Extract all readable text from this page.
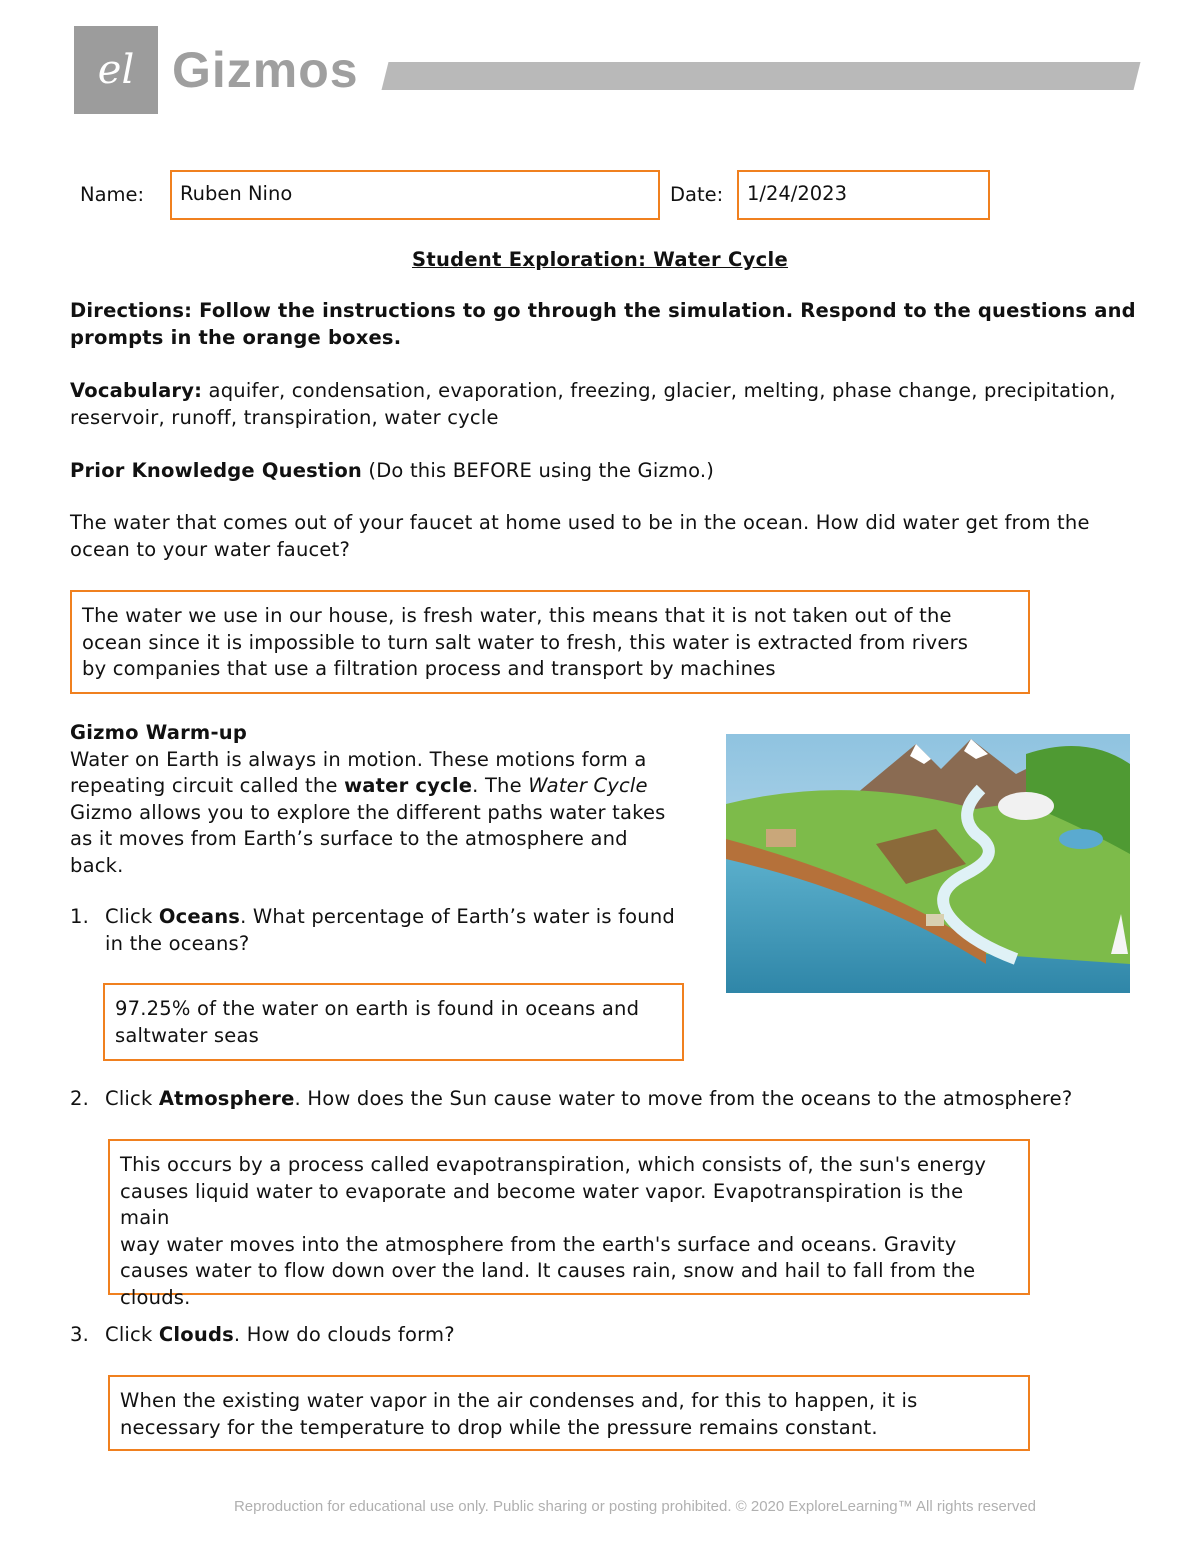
el Gizmos
Name:	Ruben Nino	Date:	1/24/2023
Student Exploration: Water Cycle
Directions: Follow the instructions to go through the simulation. Respond to the questions and
prompts in the orange boxes.
Vocabulary: aquifer, condensation, evaporation, freezing, glacier, melting, phase change, precipitation,
reservoir, runoff, transpiration, water cycle
Prior Knowledge Question (Do this BEFORE using the Gizmo.)
The water that comes out of your faucet at home used to be in the ocean. How did water get from the
ocean to your water faucet?
The water we use in our house, is fresh water, this means that it is not taken out of the
ocean since it is impossible to turn salt water to fresh, this water is extracted from rivers
by companies that use a filtration process and transport by machines
Gizmo Warm-up
Water on Earth is always in motion. These motions form a
repeating circuit called the water cycle. The Water Cycle
Gizmo allows you to explore the different paths water takes
as it moves from Earth’s surface to the atmosphere and
back.
1. Click Oceans. What percentage of Earth’s water is found
in the oceans?
97.25% of the water on earth is found in oceans and
saltwater seas
2. Click Atmosphere. How does the Sun cause water to move from the oceans to the atmosphere?
This occurs by a process called evapotranspiration, which consists of, the sun's energy
causes liquid water to evaporate and become water vapor. Evapotranspiration is the main
way water moves into the atmosphere from the earth's surface and oceans. Gravity
causes water to flow down over the land. It causes rain, snow and hail to fall from the
clouds.
3. Click Clouds. How do clouds form?
When the existing water vapor in the air condenses and, for this to happen, it is
necessary for the temperature to drop while the pressure remains constant.
Reproduction for educational use only. Public sharing or posting prohibited. © 2020 ExploreLearning™ All rights reserved
